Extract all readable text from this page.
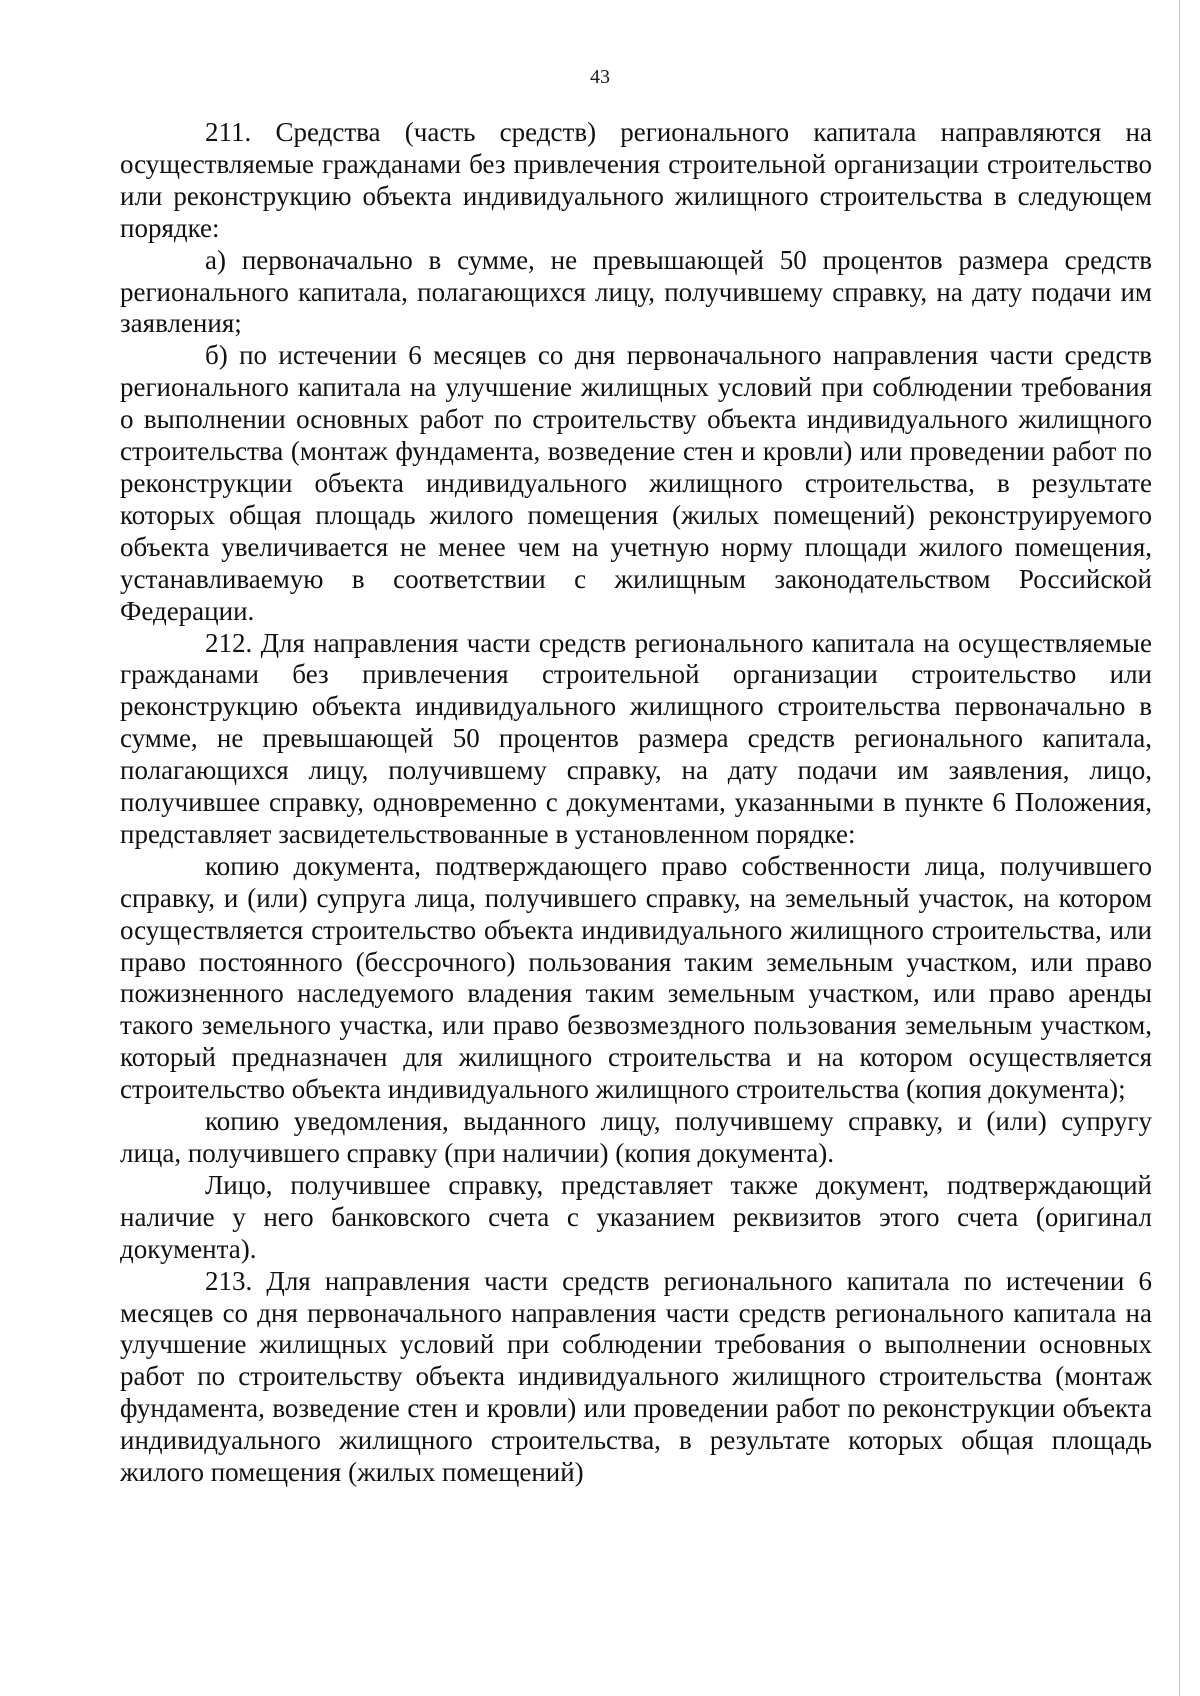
43

211. Средства (часть средств) регионального капитала направляются на осуществляемые гражданами без привлечения строительной организации строительство или реконструкцию объекта индивидуального жилищного строительства в следующем порядке:

а) первоначально в сумме, не превышающей 50 процентов размера средств регионального капитала, полагающихся лицу, получившему справку, на дату подачи им заявления;

б) по истечении 6 месяцев со дня первоначального направления части средств регионального капитала на улучшение жилищных условий при соблюдении требования о выполнении основных работ по строительству объекта индивидуального жилищного строительства (монтаж фундамента, возведение стен и кровли) или проведении работ по реконструкции объекта индивидуального жилищного строительства, в результате которых общая площадь жилого помещения (жилых помещений) реконструируемого объекта увеличивается не менее чем на учетную норму площади жилого помещения, устанавливаемую в соответствии с жилищным законодательством Российской Федерации.

212. Для направления части средств регионального капитала на осуществляемые гражданами без привлечения строительной организации строительство или реконструкцию объекта индивидуального жилищного строительства первоначально в сумме, не превышающей 50 процентов размера средств регионального капитала, полагающихся лицу, получившему справку, на дату подачи им заявления, лицо, получившее справку, одновременно с документами, указанными в пункте 6 Положения, представляет засвидетельствованные в установленном порядке:

копию документа, подтверждающего право собственности лица, получившего справку, и (или) супруга лица, получившего справку, на земельный участок, на котором осуществляется строительство объекта индивидуального жилищного строительства, или право постоянного (бессрочного) пользования таким земельным участком, или право пожизненного наследуемого владения таким земельным участком, или право аренды такого земельного участка, или право безвозмездного пользования земельным участком, который предназначен для жилищного строительства и на котором осуществляется строительство объекта индивидуального жилищного строительства (копия документа);

копию уведомления, выданного лицу, получившему справку, и (или) супругу лица, получившего справку (при наличии) (копия документа).

Лицо, получившее справку, представляет также документ, подтверждающий наличие у него банковского счета с указанием реквизитов этого счета (оригинал документа).

213. Для направления части средств регионального капитала по истечении 6 месяцев со дня первоначального направления части средств регионального капитала на улучшение жилищных условий при соблюдении требования о выполнении основных работ по строительству объекта индивидуального жилищного строительства (монтаж фундамента, возведение стен и кровли) или проведении работ по реконструкции объекта индивидуального жилищного строительства, в результате которых общая площадь жилого помещения (жилых помещений)
